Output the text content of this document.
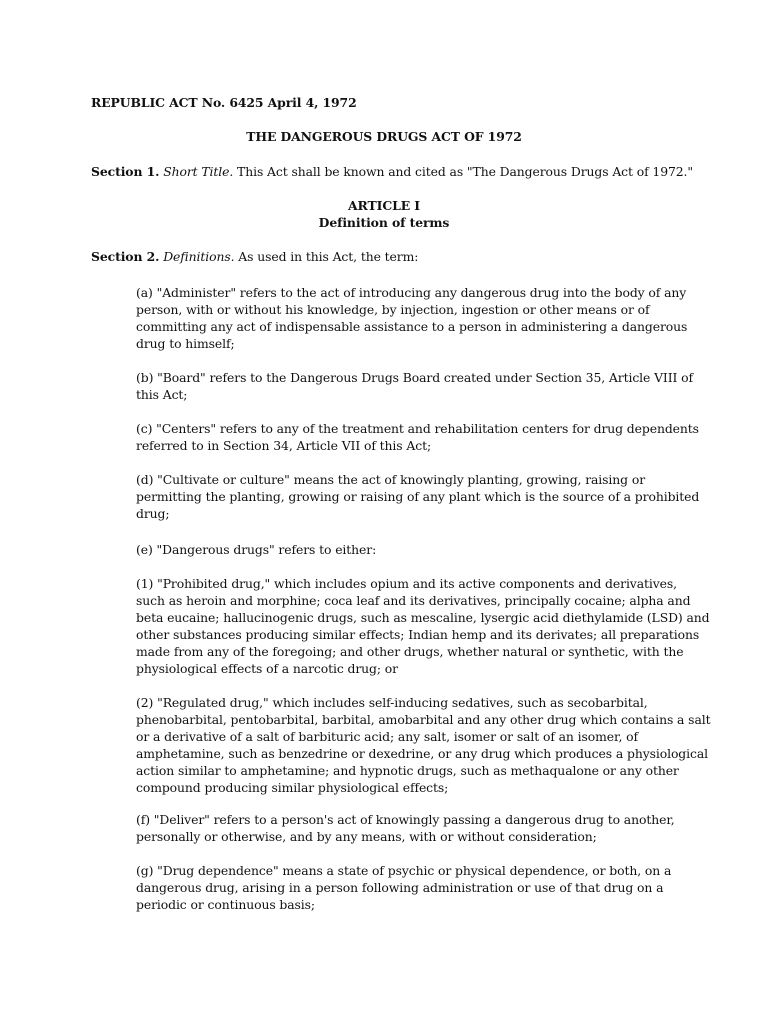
REPUBLIC ACT No. 6425 April 4, 1972
THE DANGEROUS DRUGS ACT OF 1972
Section 1. Short Title. This Act shall be known and cited as "The Dangerous Drugs Act of 1972."
ARTICLE I
Definition of terms
Section 2. Definitions. As used in this Act, the term:
(a) "Administer" refers to the act of introducing any dangerous drug into the body of any
person, with or without his knowledge, by injection, ingestion or other means or of
committing any act of indispensable assistance to a person in administering a dangerous
drug to himself;
(b) "Board" refers to the Dangerous Drugs Board created under Section 35, Article VIII of
this Act;
(c) "Centers" refers to any of the treatment and rehabilitation centers for drug dependents
referred to in Section 34, Article VII of this Act;
(d) "Cultivate or culture" means the act of knowingly planting, growing, raising or
permitting the planting, growing or raising of any plant which is the source of a prohibited
drug;
(e) "Dangerous drugs" refers to either:
(1) "Prohibited drug," which includes opium and its active components and derivatives,
such as heroin and morphine; coca leaf and its derivatives, principally cocaine; alpha and
beta eucaine; hallucinogenic drugs, such as mescaline, lysergic acid diethylamide (LSD) and
other substances producing similar effects; Indian hemp and its derivates; all preparations
made from any of the foregoing; and other drugs, whether natural or synthetic, with the
physiological effects of a narcotic drug; or
(2) "Regulated drug," which includes self-inducing sedatives, such as secobarbital,
phenobarbital, pentobarbital, barbital, amobarbital and any other drug which contains a salt
or a derivative of a salt of barbituric acid; any salt, isomer or salt of an isomer, of
amphetamine, such as benzedrine or dexedrine, or any drug which produces a physiological
action similar to amphetamine; and hypnotic drugs, such as methaqualone or any other
compound producing similar physiological effects;
(f) "Deliver" refers to a person's act of knowingly passing a dangerous drug to another,
personally or otherwise, and by any means, with or without consideration;
(g) "Drug dependence" means a state of psychic or physical dependence, or both, on a
dangerous drug, arising in a person following administration or use of that drug on a
periodic or continuous basis;
